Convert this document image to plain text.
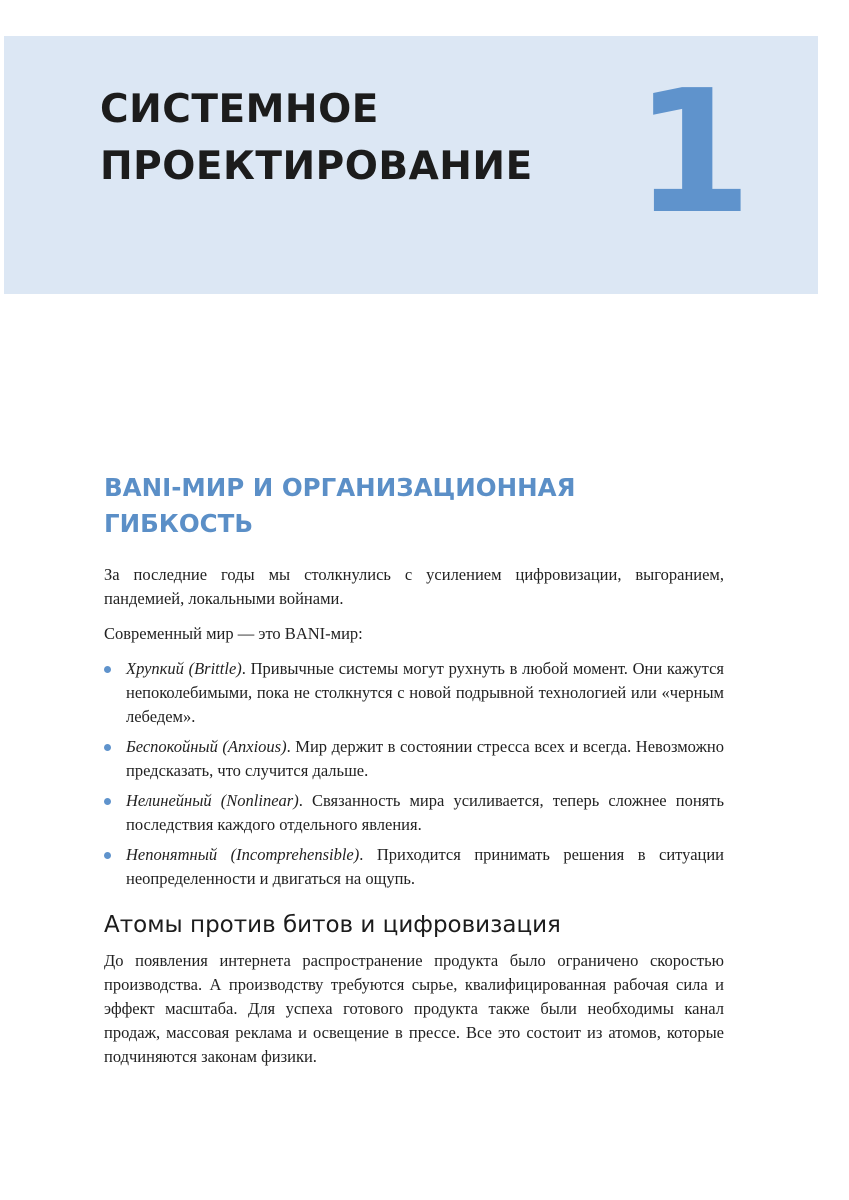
СИСТЕМНОЕ
ПРОЕКТИРОВАНИЕ 1
BANI-МИР И ОРГАНИЗАЦИОННАЯ
ГИБКОСТЬ

За последние годы мы столкнулись с усилением цифровизации, выгоранием, пандемией, локальными войнами.

Современный мир — это BANI-мир:

Хрупкий (Brittle). Привычные системы могут рухнуть в любой момент. Они кажутся непоколебимыми, пока не столкнутся с новой подрывной технологией или «черным лебедем».
Беспокойный (Anxious). Мир держит в состоянии стресса всех и всегда. Невозможно предсказать, что случится дальше.
Нелинейный (Nonlinear). Связанность мира усиливается, теперь сложнее понять последствия каждого отдельного явления.
Непонятный (Incomprehensible). Приходится принимать решения в ситуации неопределенности и двигаться на ощупь.
Атомы против битов и цифровизация

До появления интернета распространение продукта было ограничено скоростью производства. А производству требуются сырье, квалифицированная рабочая сила и эффект масштаба. Для успеха готового продукта также были необходимы канал продаж, массовая реклама и освещение в прессе. Все это состоит из атомов, которые подчиняются законам физики.
